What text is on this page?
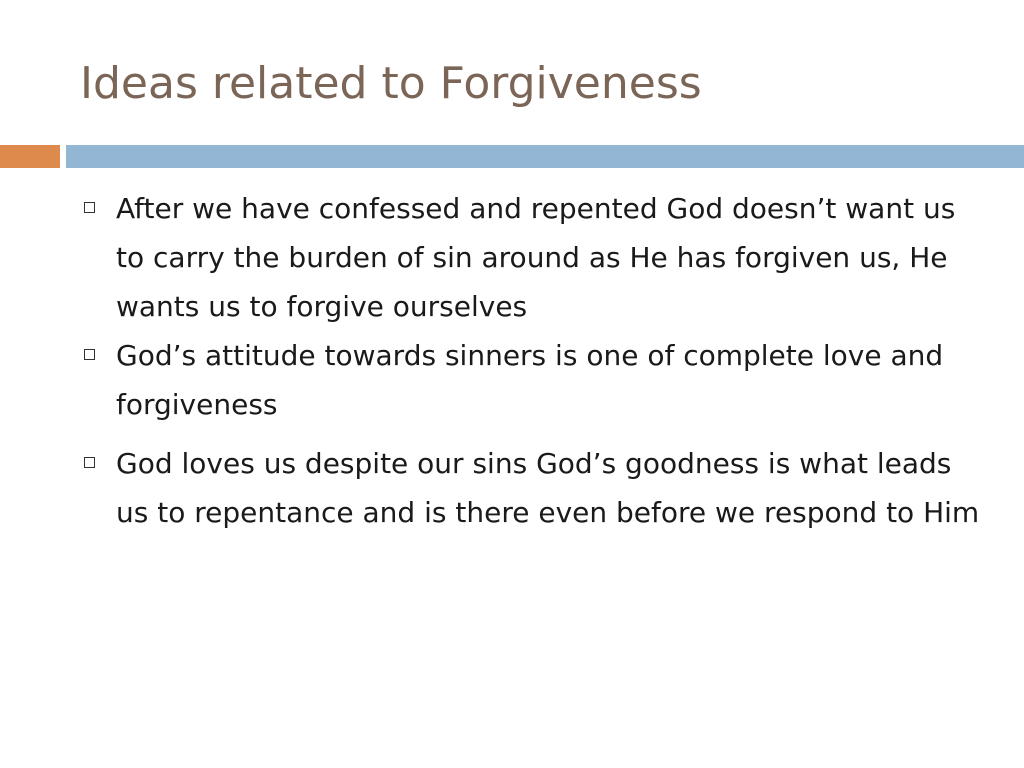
Ideas related to Forgiveness
After we have confessed and repented God doesn’t want us to carry the burden of sin around as He has forgiven us, He wants us to forgive ourselves
God’s attitude towards sinners is one of complete love and forgiveness
God loves us despite our sins God’s goodness is what leads us to repentance and is there even before we respond to Him
